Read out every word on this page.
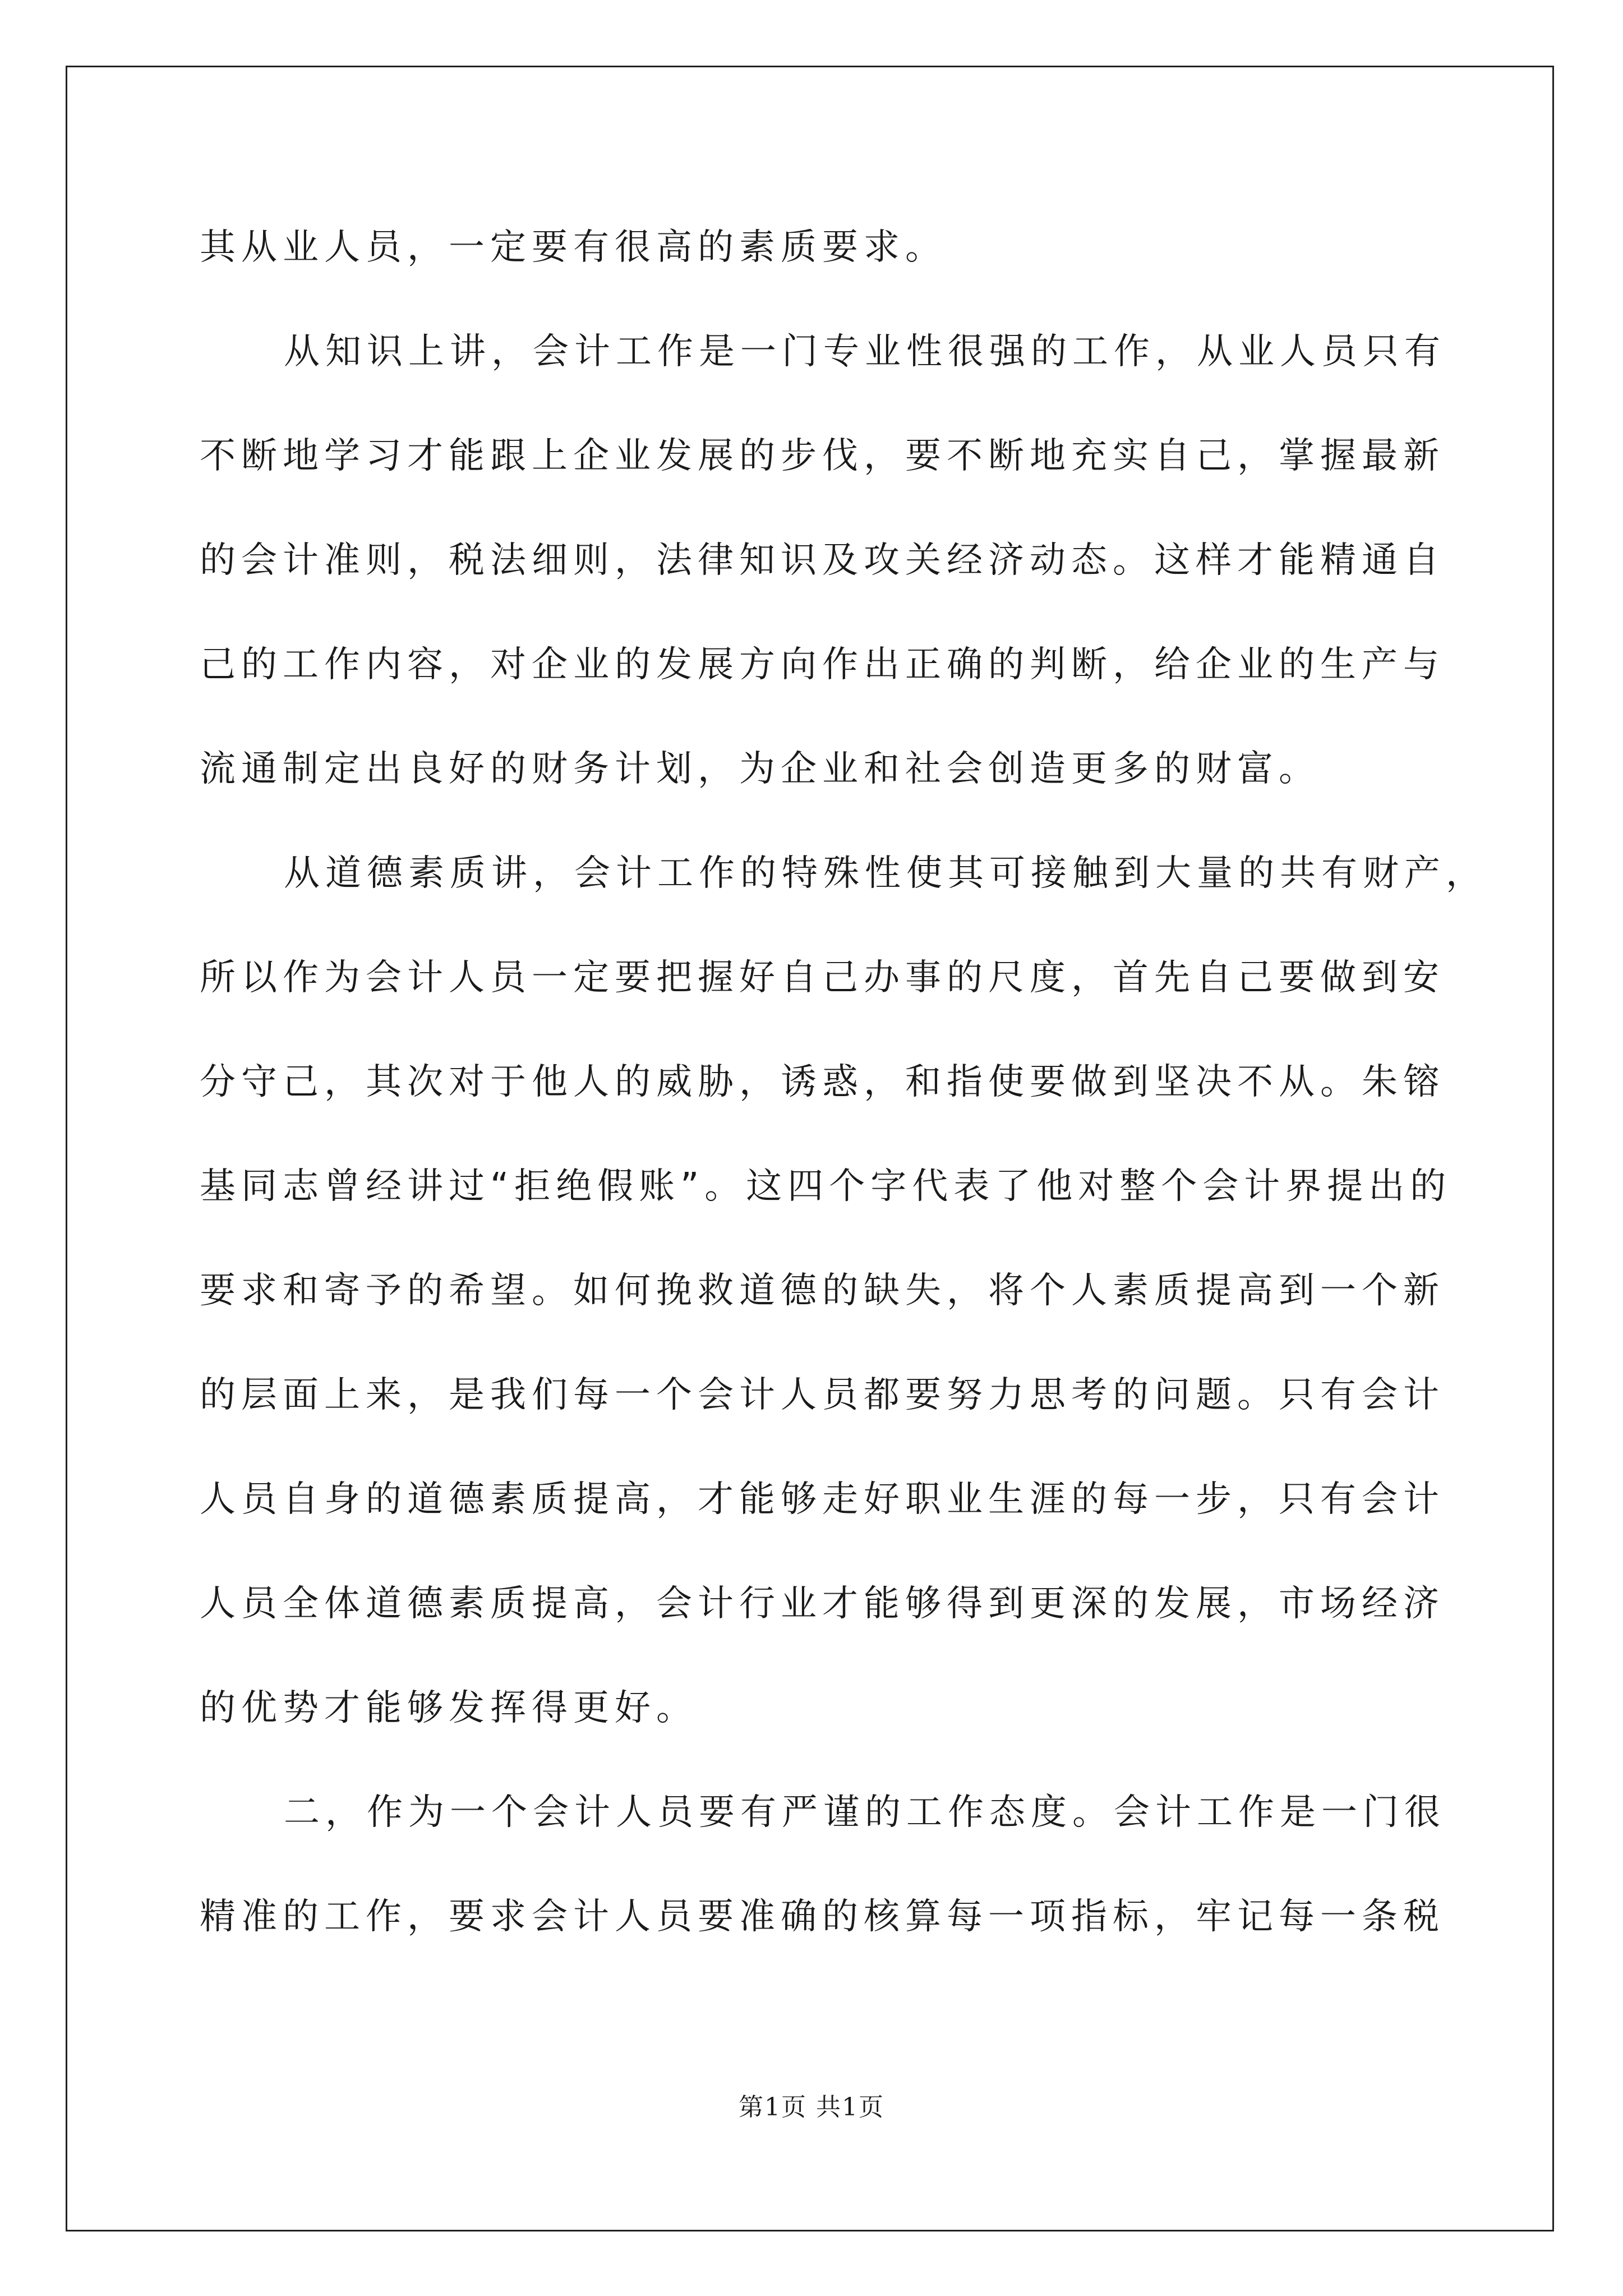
其从业人员，一定要有很高的素质要求。
从知识上讲，会计工作是一门专业性很强的工作，从业人员只有
不断地学习才能跟上企业发展的步伐，要不断地充实自己，掌握最新
的会计准则，税法细则，法律知识及攻关经济动态。这样才能精通自
己的工作内容，对企业的发展方向作出正确的判断，给企业的生产与
流通制定出良好的财务计划，为企业和社会创造更多的财富。
从道德素质讲，会计工作的特殊性使其可接触到大量的共有财产，
所以作为会计人员一定要把握好自己办事的尺度，首先自己要做到安
分守己，其次对于他人的威胁，诱惑，和指使要做到坚决不从。朱镕
基同志曾经讲过“拒绝假账”。这四个字代表了他对整个会计界提出的
要求和寄予的希望。如何挽救道德的缺失，将个人素质提高到一个新
的层面上来，是我们每一个会计人员都要努力思考的问题。只有会计
人员自身的道德素质提高，才能够走好职业生涯的每一步，只有会计
人员全体道德素质提高，会计行业才能够得到更深的发展，市场经济
的优势才能够发挥得更好。
二，作为一个会计人员要有严谨的工作态度。会计工作是一门很
精准的工作，要求会计人员要准确的核算每一项指标，牢记每一条税
第1页 共1页
